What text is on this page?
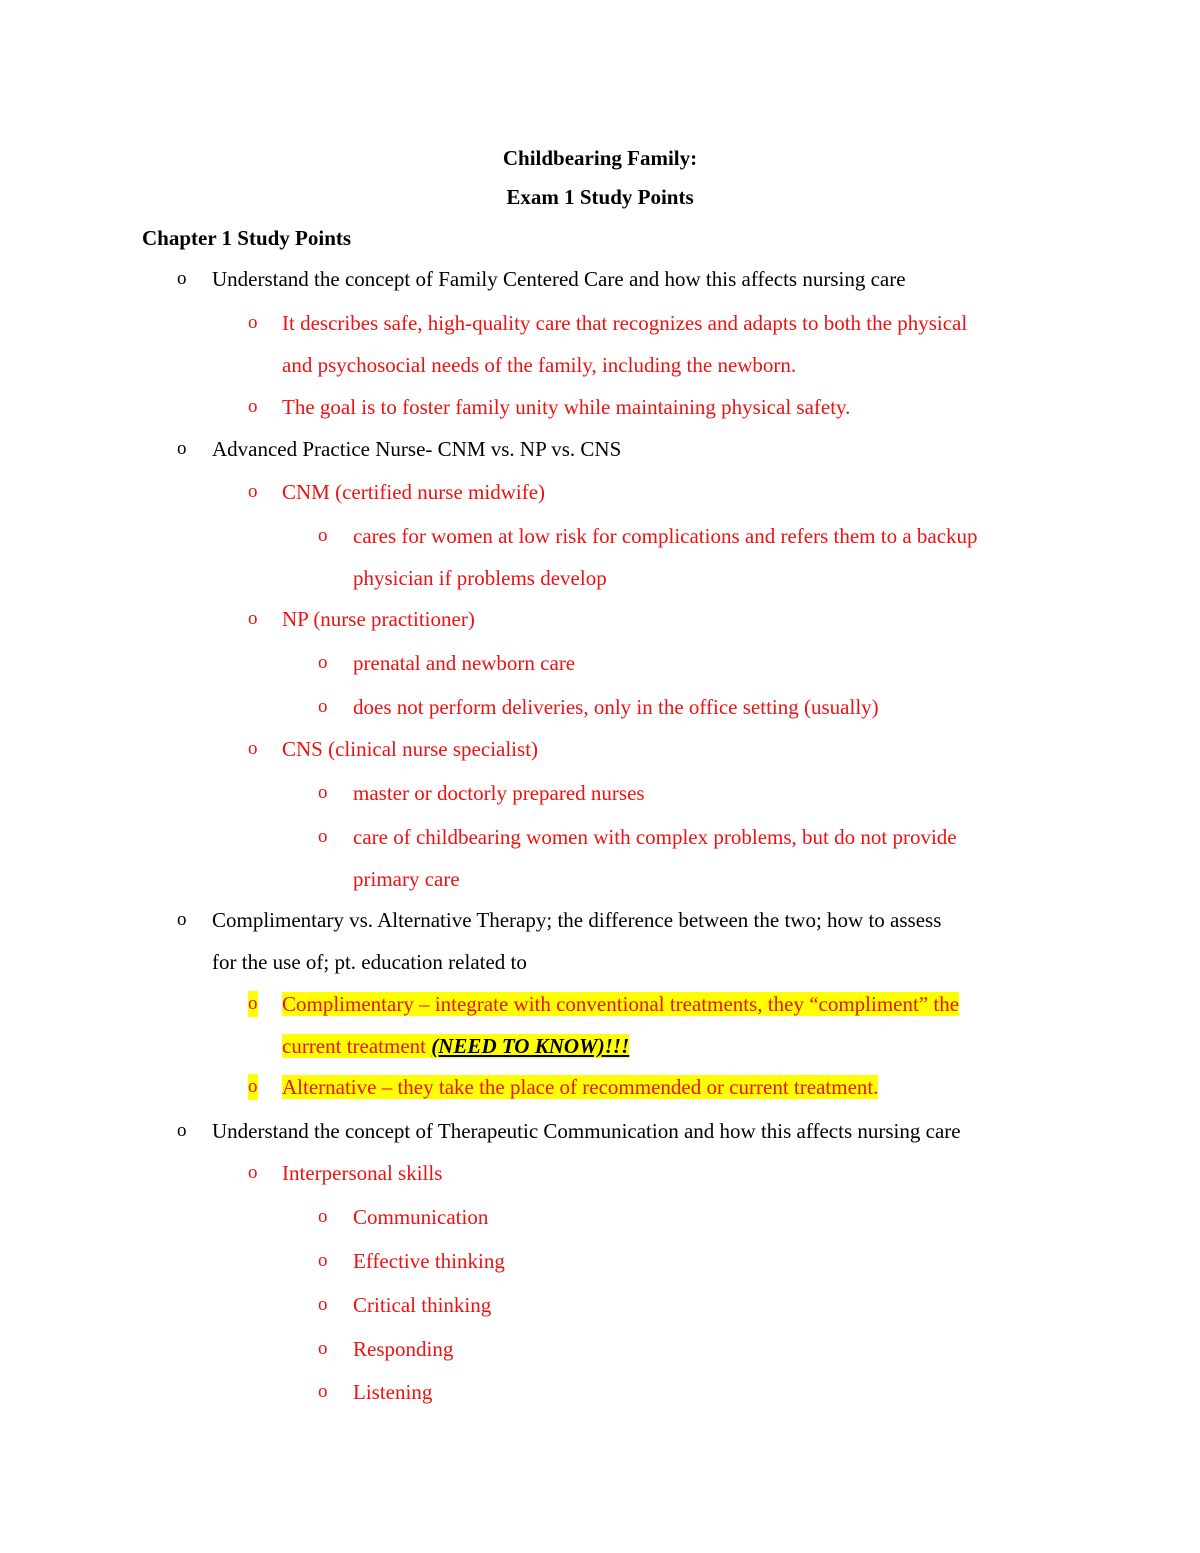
Childbearing Family:
Exam 1 Study Points
Chapter 1 Study Points
o Understand the concept of Family Centered Care and how this affects nursing care
o It describes safe, high-quality care that recognizes and adapts to both the physical
and psychosocial needs of the family, including the newborn.
o The goal is to foster family unity while maintaining physical safety.
o Advanced Practice Nurse- CNM vs. NP vs. CNS
o CNM (certified nurse midwife)
o cares for women at low risk for complications and refers them to a backup
physician if problems develop
o NP (nurse practitioner)
o prenatal and newborn care
o does not perform deliveries, only in the office setting (usually)
o CNS (clinical nurse specialist)
o master or doctorly prepared nurses
o care of childbearing women with complex problems, but do not provide
primary care
o Complimentary vs. Alternative Therapy; the difference between the two; how to assess
for the use of; pt. education related to
o Complimentary – integrate with conventional treatments, they “compliment” the
current treatment (NEED TO KNOW)!!!
o Alternative – they take the place of recommended or current treatment.
o Understand the concept of Therapeutic Communication and how this affects nursing care
o Interpersonal skills
o Communication
o Effective thinking
o Critical thinking
o Responding
o Listening
